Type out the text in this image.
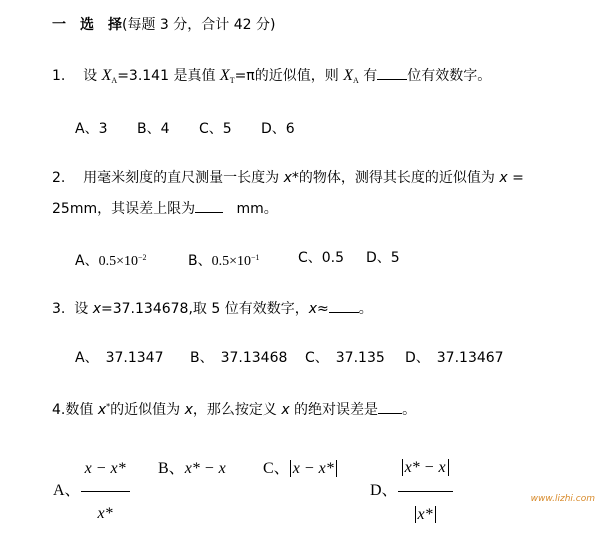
一　选　择(每题 3 分，合计 42 分)
1. 设 $X_A=3.141$ 是真值 $X_T=\pi$的近似值，则 $X_A$ 有 位有效数字。
A、3 B、4 C、5 D、6
2. 用毫米刻度的直尺测量一长度为 x*的物体，测得其长度的近似值为 x =
25mm，其误差上限为	mm。
A、$0.5\times 10^{-2}$	B、$0.5\times 10^{-1}$	C、0.5 D、5
3. 设 x=37.134678,取 5 位有效数字，x≈ 。
A、　37.1347 B、　37.13468 C、　37.135 D、　37.13467
4.数值 x*的近似值为 x，那么按定义 x 的绝对误差是 。
A、 $\frac{x - x*}{x*}$ B、x* − x C、 x − x*
D、 $\frac{x* - x}{x*}$	www.lizhi.com
